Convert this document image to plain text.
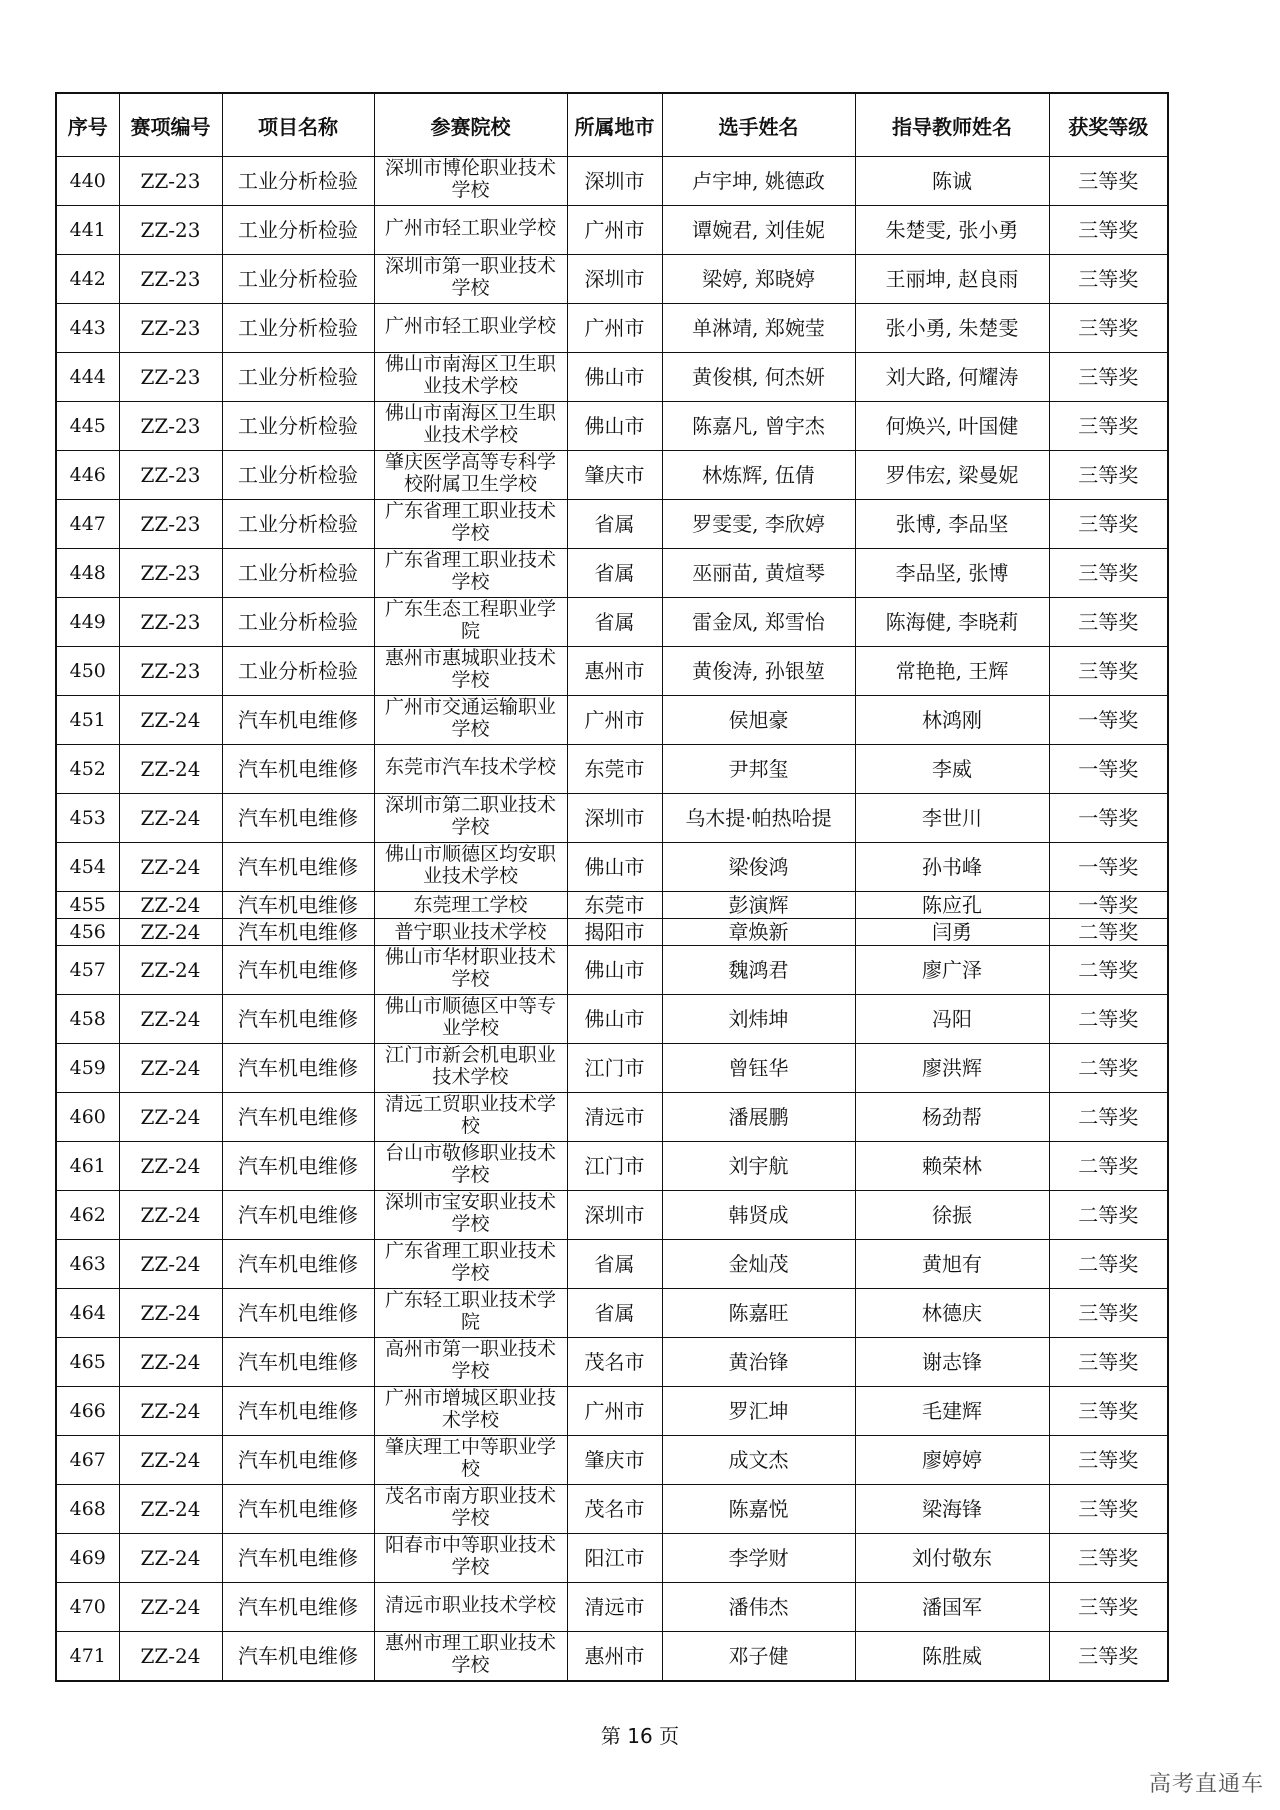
序号	赛项编号	项目名称	参赛院校	所属地市	选手姓名	指导教师姓名	获奖等级
440	ZZ-23	工业分析检验	深圳市博伦职业技术学校	深圳市	卢宇坤, 姚德政	陈诚	三等奖
441	ZZ-23	工业分析检验	广州市轻工职业学校	广州市	谭婉君, 刘佳妮	朱楚雯, 张小勇	三等奖
442	ZZ-23	工业分析检验	深圳市第一职业技术学校	深圳市	梁婷, 郑晓婷	王丽坤, 赵良雨	三等奖
443	ZZ-23	工业分析检验	广州市轻工职业学校	广州市	单淋靖, 郑婉莹	张小勇, 朱楚雯	三等奖
444	ZZ-23	工业分析检验	佛山市南海区卫生职业技术学校	佛山市	黄俊棋, 何杰妍	刘大路, 何耀涛	三等奖
445	ZZ-23	工业分析检验	佛山市南海区卫生职业技术学校	佛山市	陈嘉凡, 曾宇杰	何焕兴, 叶国健	三等奖
446	ZZ-23	工业分析检验	肇庆医学高等专科学校附属卫生学校	肇庆市	林炼辉, 伍倩	罗伟宏, 梁曼妮	三等奖
447	ZZ-23	工业分析检验	广东省理工职业技术学校	省属	罗雯雯, 李欣婷	张博, 李品坚	三等奖
448	ZZ-23	工业分析检验	广东省理工职业技术学校	省属	巫丽苗, 黄煊琴	李品坚, 张博	三等奖
449	ZZ-23	工业分析检验	广东生态工程职业学院	省属	雷金凤, 郑雪怡	陈海健, 李晓莉	三等奖
450	ZZ-23	工业分析检验	惠州市惠城职业技术学校	惠州市	黄俊涛, 孙银堃	常艳艳, 王辉	三等奖
451	ZZ-24	汽车机电维修	广州市交通运输职业学校	广州市	侯旭豪	林鸿刚	一等奖
452	ZZ-24	汽车机电维修	东莞市汽车技术学校	东莞市	尹邦玺	李威	一等奖
453	ZZ-24	汽车机电维修	深圳市第二职业技术学校	深圳市	乌木提·帕热哈提	李世川	一等奖
454	ZZ-24	汽车机电维修	佛山市顺德区均安职业技术学校	佛山市	梁俊鸿	孙书峰	一等奖
455	ZZ-24	汽车机电维修	东莞理工学校	东莞市	彭演辉	陈应孔	一等奖
456	ZZ-24	汽车机电维修	普宁职业技术学校	揭阳市	章焕新	闫勇	二等奖
457	ZZ-24	汽车机电维修	佛山市华材职业技术学校	佛山市	魏鸿君	廖广泽	二等奖
458	ZZ-24	汽车机电维修	佛山市顺德区中等专业学校	佛山市	刘炜坤	冯阳	二等奖
459	ZZ-24	汽车机电维修	江门市新会机电职业技术学校	江门市	曾钰华	廖洪辉	二等奖
460	ZZ-24	汽车机电维修	清远工贸职业技术学校	清远市	潘展鹏	杨劲帮	二等奖
461	ZZ-24	汽车机电维修	台山市敬修职业技术学校	江门市	刘宇航	赖荣林	二等奖
462	ZZ-24	汽车机电维修	深圳市宝安职业技术学校	深圳市	韩贤成	徐振	二等奖
463	ZZ-24	汽车机电维修	广东省理工职业技术学校	省属	金灿茂	黄旭有	二等奖
464	ZZ-24	汽车机电维修	广东轻工职业技术学院	省属	陈嘉旺	林德庆	三等奖
465	ZZ-24	汽车机电维修	高州市第一职业技术学校	茂名市	黄治锋	谢志锋	三等奖
466	ZZ-24	汽车机电维修	广州市增城区职业技术学校	广州市	罗汇坤	毛建辉	三等奖
467	ZZ-24	汽车机电维修	肇庆理工中等职业学校	肇庆市	成文杰	廖婷婷	三等奖
468	ZZ-24	汽车机电维修	茂名市南方职业技术学校	茂名市	陈嘉悦	梁海锋	三等奖
469	ZZ-24	汽车机电维修	阳春市中等职业技术学校	阳江市	李学财	刘付敬东	三等奖
470	ZZ-24	汽车机电维修	清远市职业技术学校	清远市	潘伟杰	潘国军	三等奖
471	ZZ-24	汽车机电维修	惠州市理工职业技术学校	惠州市	邓子健	陈胜威	三等奖
第 16 页
高考直通车
